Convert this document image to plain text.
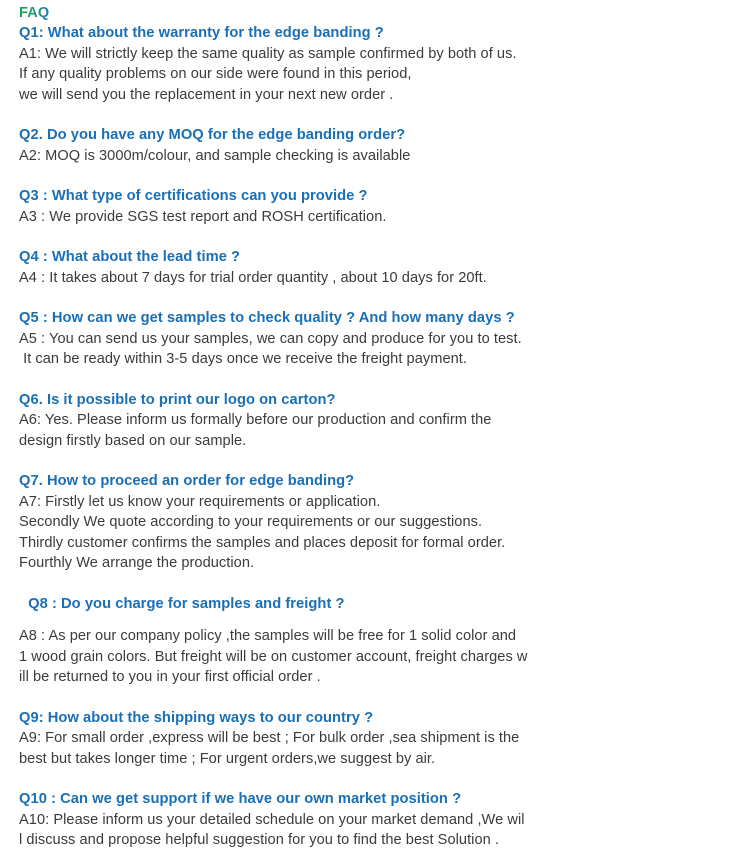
FAQ
Q1: What about the warranty for the edge banding ?
A1: We will strictly keep the same quality as sample confirmed by both of us.
If any quality problems on our side were found in this period,
we will send you the replacement in your next new order .
Q2. Do you have any MOQ for the edge banding order?
A2: MOQ is 3000m/colour, and sample checking is available
Q3 : What type of certifications can you provide ?
A3 : We provide SGS test report and ROSH certification.
Q4 : What about the lead time ?
A4 : It takes about 7 days for trial order quantity , about 10 days for 20ft.
Q5 : How can we get samples to check quality ? And how many days ?
A5 : You can send us your samples, we can copy and produce for you to test.
It can be ready within 3-5 days once we receive the freight payment.
Q6. Is it possible to print our logo on carton?
A6: Yes. Please inform us formally before our production and confirm the
design firstly based on our sample.
Q7. How to proceed an order for edge banding?
A7: Firstly let us know your requirements or application.
Secondly We quote according to your requirements or our suggestions.
Thirdly customer confirms the samples and places deposit for formal order.
Fourthly We arrange the production.
Q8 : Do you charge for samples and freight ?
A8 : As per our company policy ,the samples will be free for 1 solid color and
1 wood grain colors. But freight will be on customer account, freight charges w
ill be returned to you in your first official order .
Q9: How about the shipping ways to our country ?
A9: For small order ,express will be best ; For bulk order ,sea shipment is the
best but takes longer time ; For urgent orders,we suggest by air.
Q10 : Can we get support if we have our own market position ?
A10: Please inform us your detailed schedule on your market demand ,We wil
l discuss and propose helpful suggestion for you to find the best Solution .
